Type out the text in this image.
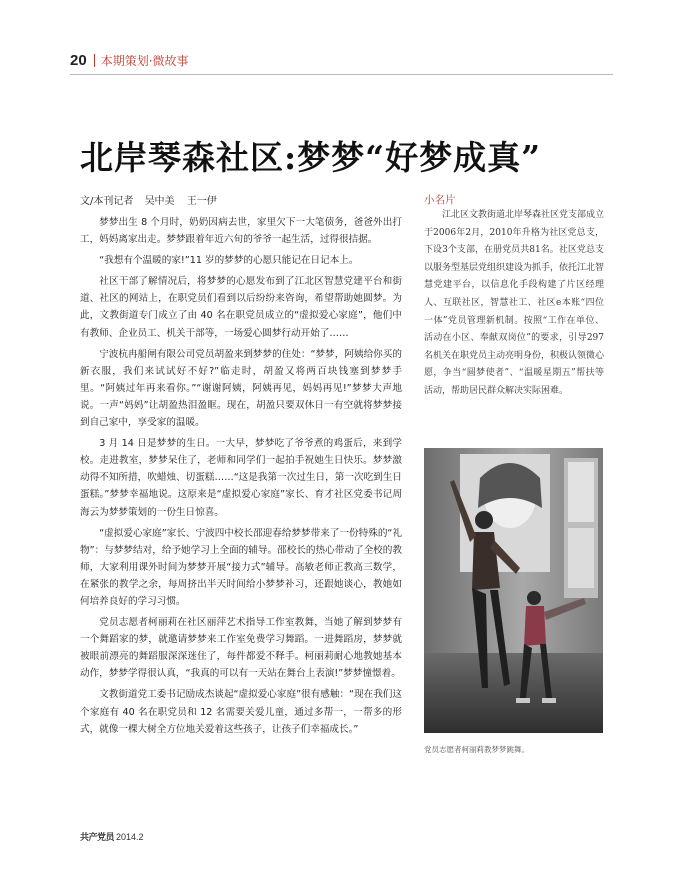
20 本期策划·微故事
北岸琴森社区:梦梦“好梦成真”
文/本刊记者 吴中美 王一伊

梦梦出生 8 个月时，奶奶因病去世，家里欠下一大笔债务，爸爸外出打工，妈妈离家出走。梦梦跟着年近六旬的爷爷一起生活，过得很拮据。

“我想有个温暖的家!”11 岁的梦梦的心愿只能记在日记本上。

社区干部了解情况后，将梦梦的心愿发布到了江北区智慧党建平台和街道、社区的网站上，在职党员们看到以后纷纷来咨询，希望帮助她圆梦。为此，文教街道专门成立了由 40 名在职党员成立的“虚拟爱心家庭”，他们中有教师、企业员工、机关干部等，一场爱心圆梦行动开始了……

宁波杭冉船闸有限公司党员胡盈来到梦梦的住处：“梦梦，阿姨给你买的新衣服，我们来试试好不好?”临走时，胡盈又将两百块钱塞到梦梦手里。“阿姨过年再来看你。”“谢谢阿姨，阿姨再见，妈妈再见!”梦梦大声地说。一声“妈妈”让胡盈热泪盈眶。现在，胡盈只要双休日一有空就将梦梦接到自己家中，享受家的温暖。

3 月 14 日是梦梦的生日。一大早，梦梦吃了爷爷煮的鸡蛋后，来到学校。走进教室，梦梦呆住了，老师和同学们一起拍手祝她生日快乐。梦梦激动得不知所措，吹蜡烛、切蛋糕……“这是我第一次过生日，第一次吃到生日蛋糕。”梦梦幸福地说。这原来是“虚拟爱心家庭”家长、育才社区党委书记周海云为梦梦策划的一份生日惊喜。

“虚拟爱心家庭”家长、宁波四中校长邵迎春给梦梦带来了一份特殊的“礼物”：与梦梦结对，给予她学习上全面的辅导。邵校长的热心带动了全校的教师，大家利用课外时间为梦梦开展“接力式”辅导。高敏老师正教高三数学，在紧张的教学之余，每周挤出半天时间给小梦梦补习，还跟她谈心，教她如何培养良好的学习习惯。

党员志愿者柯丽莉在社区丽萍艺术指导工作室教舞，当她了解到梦梦有一个舞蹈家的梦，就邀请梦梦来工作室免费学习舞蹈。一进舞蹈房，梦梦就被眼前漂亮的舞蹈服深深迷住了，每件都爱不释手。柯丽莉耐心地教她基本动作，梦梦学得很认真，“我真的可以有一天站在舞台上表演!”梦梦憧憬着。

文教街道党工委书记励成杰谈起“虚拟爱心家庭”很有感触：“现在我们这个家庭有 40 名在职党员和 12 名需要关爱儿童，通过多帮一，一帮多的形式，就像一棵大树全方位地关爱着这些孩子，让孩子们幸福成长。”

小名片

江北区文教街道北岸琴森社区党支部成立于2006年2月，2010年升格为社区党总支，下设3个支部，在册党员共81名。社区党总支以服务型基层党组织建设为抓手，依托江北智慧党建平台，以信息化手段构建了片区经理人、互联社区，智慧社工、社区e本账“四位一体”党员管理新机制。按照“工作在单位、活动在小区、奉献双岗位”的要求，引导297名机关在职党员主动亮明身份，积极认领微心愿，争当“圆梦使者”、“温暖星期五”帮扶等活动，帮助居民群众解决实际困难。

党员志愿者柯丽莉教梦梦跳舞。
共产党员 2014.2
